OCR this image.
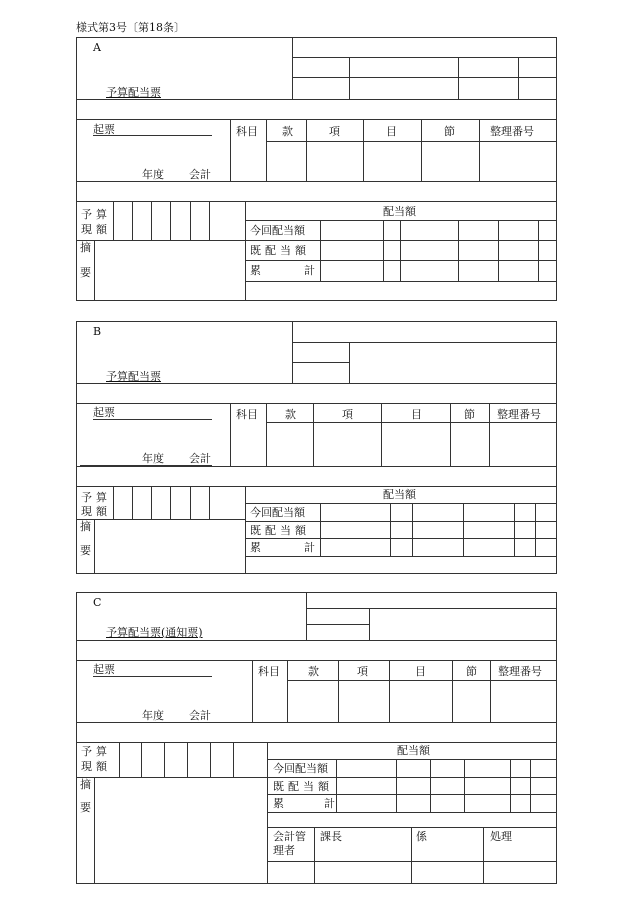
様式第3号〔第18条〕
A
予算配当票
起票
年度 会計
科目 款	項	目	節	整理番号
予算
現額
配当額
今回配当額
既配当額
累	計
摘
要
B
予算配当票
起票
年度 会計
科目 款	項	目	節 整理番号
予算
現額
配当額
今回配当額
既配当額
累	計
摘
要
C
予算配当票(通知票)
起票
年度 会計
科目	款	項	目	節 整理番号
予算
現額
配当額
今回配当額
既配当額
累	計
会計管
理者
課長	係	処理
摘
要
